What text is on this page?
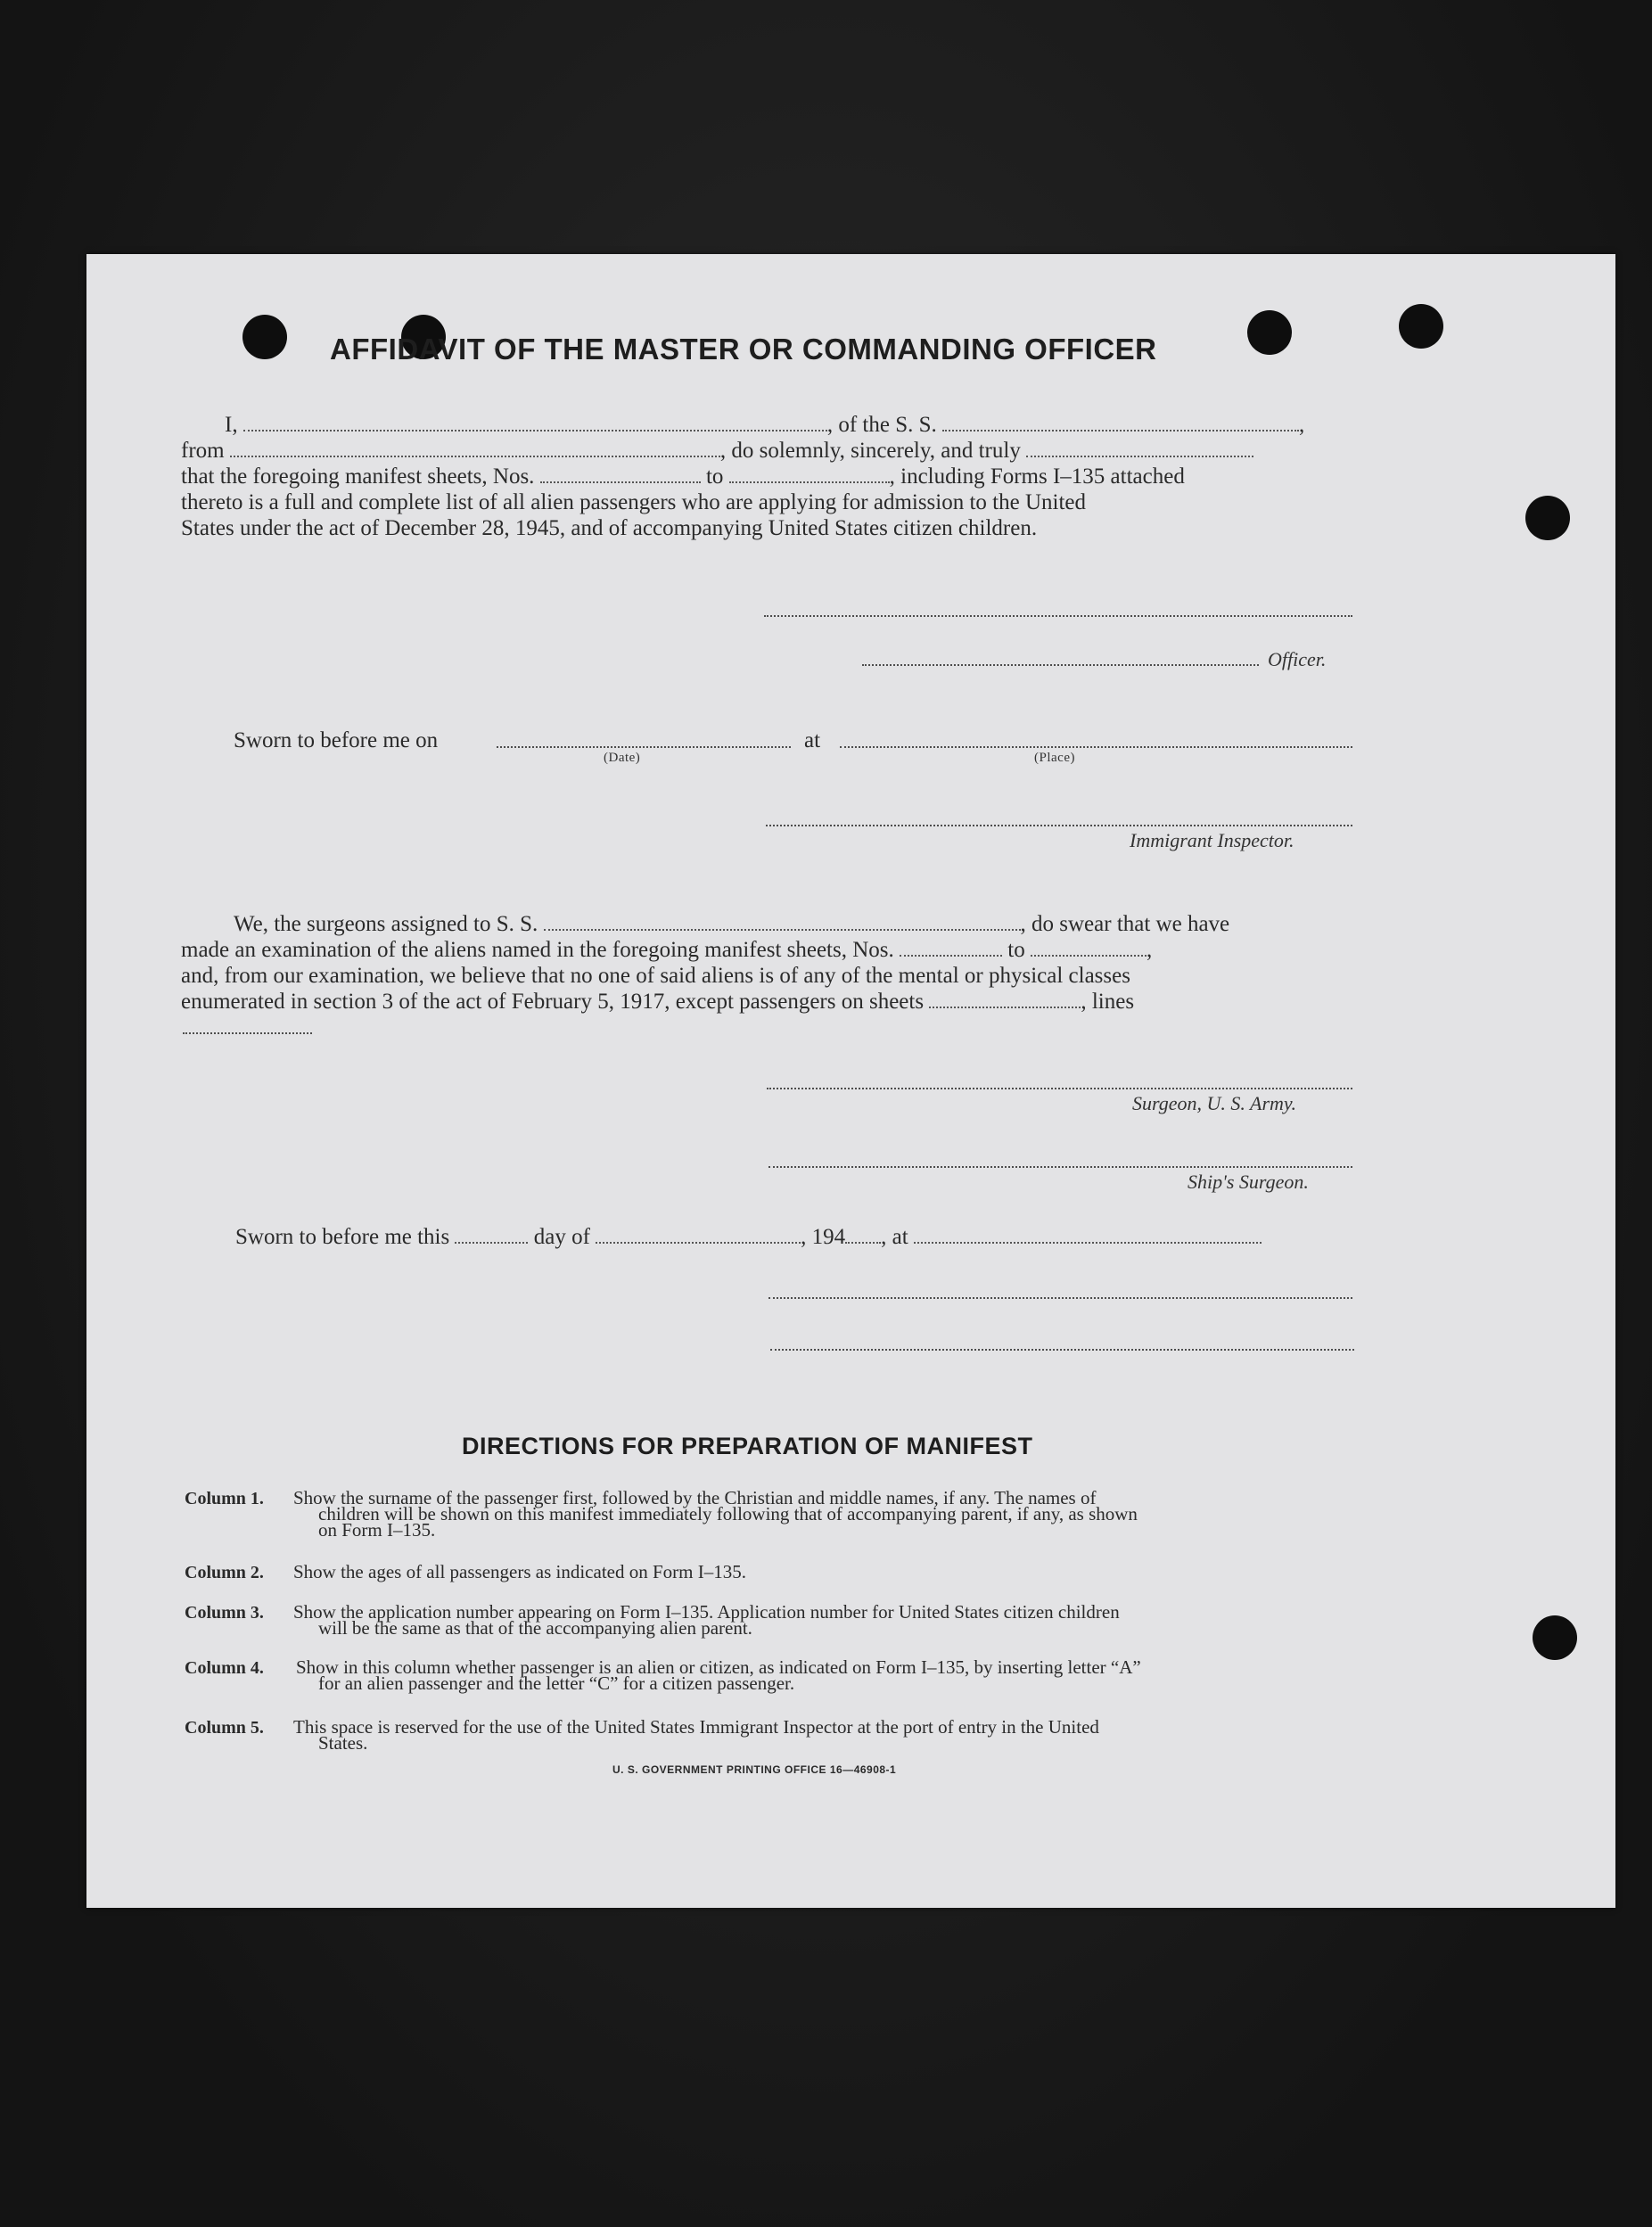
AFFIDAVIT OF THE MASTER OR COMMANDING OFFICER
I,	, of the S. S.	,
from	, do solemnly, sincerely, and truly
that the foregoing manifest sheets, Nos.	to	, including Forms I–135 attached
thereto is a full and complete list of all alien passengers who are applying for admission to the United
States under the act of December 28, 1945, and of accompanying United States citizen children.
Officer.
Sworn to before me on
(Date)
at
(Place)
Immigrant Inspector.
We, the surgeons assigned to S. S.	, do swear that we have
made an examination of the aliens named in the foregoing manifest sheets, Nos.	to	,
and, from our examination, we believe that no one of said aliens is of any of the mental or physical classes
enumerated in section 3 of the act of February 5, 1917, except passengers on sheets	, lines
Surgeon, U. S. Army.
Ship's Surgeon.
Sworn to before me this	day of	, 194 , at
DIRECTIONS FOR PREPARATION OF MANIFEST
Column 1. Show the surname of the passenger first, followed by the Christian and middle names, if any. The names of
children will be shown on this manifest immediately following that of accompanying parent, if any, as shown
on Form I–135.
Column 2. Show the ages of all passengers as indicated on Form I–135.
Column 3. Show the application number appearing on Form I–135. Application number for United States citizen children
will be the same as that of the accompanying alien parent.
Column 4. Show in this column whether passenger is an alien or citizen, as indicated on Form I–135, by inserting letter “A”
for an alien passenger and the letter “C” for a citizen passenger.
Column 5. This space is reserved for the use of the United States Immigrant Inspector at the port of entry in the United
States.
U. S. GOVERNMENT PRINTING OFFICE 16—46908-1
